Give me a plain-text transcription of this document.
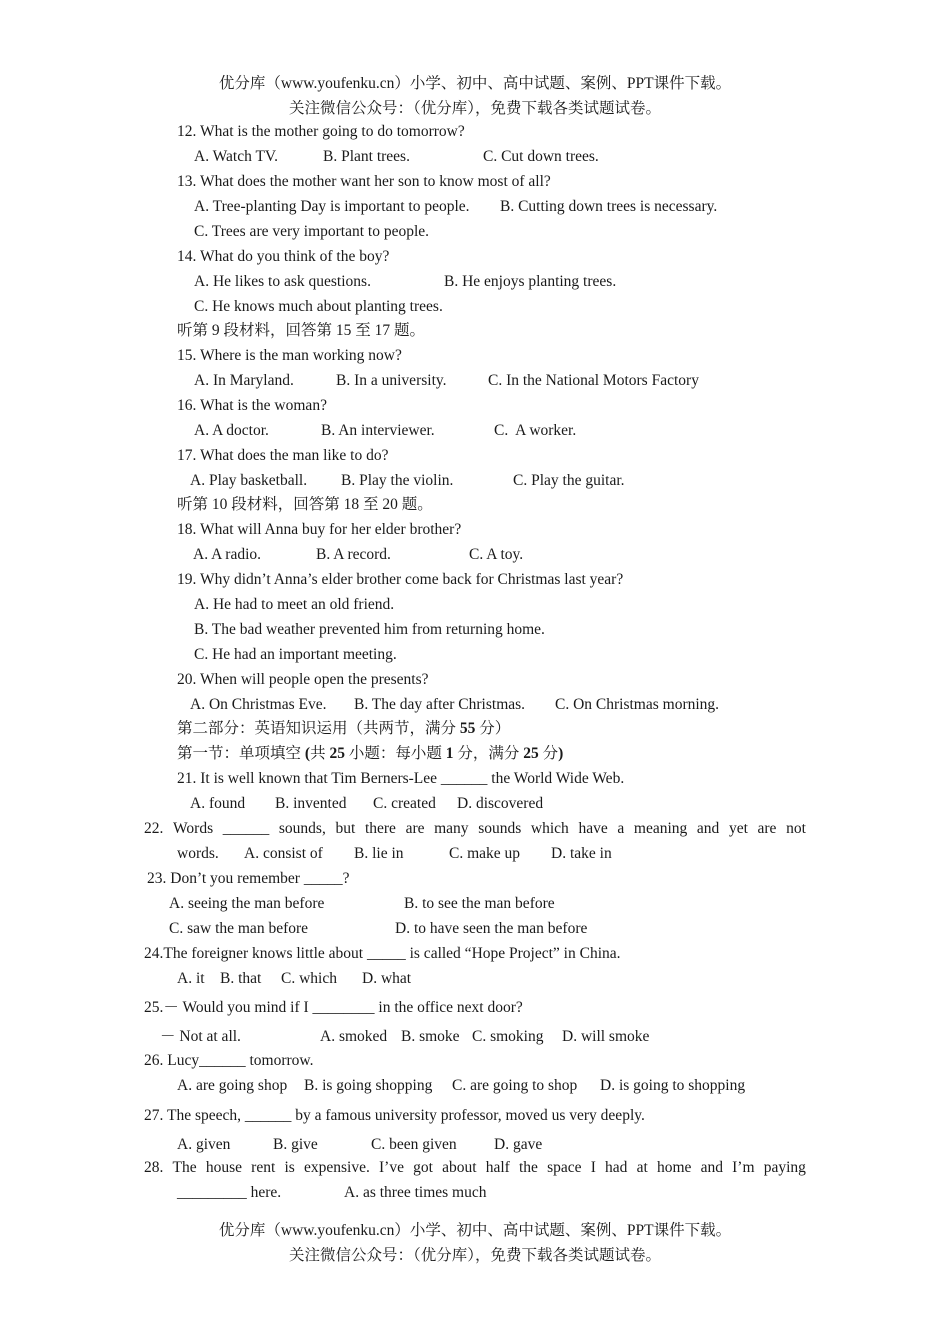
优分库（www.youfenku.cn）小学、初中、高中试题、案例、PPT课件下载。
关注微信公众号：（优分库），免费下载各类试题试卷。
12. What is the mother going to do tomorrow?
A. Watch TV.	B. Plant trees.	C. Cut down trees.
13. What does the mother want her son to know most of all?
A. Tree-planting Day is important to people. B. Cutting down trees is necessary.
C. Trees are very important to people.
14. What do you think of the boy?
A. He likes to ask questions.	B. He enjoys planting trees.
C. He knows much about planting trees.
听第 9 段材料，回答第 15 至 17 题。
15. Where is the man working now?
A. In Maryland.	B. In a university.	C. In the National Motors Factory
16. What is the woman?
A. A doctor.	B. An interviewer.	C.  A worker.
17. What does the man like to do?
A. Play basketball. B. Play the violin.	C. Play the guitar.
听第 10 段材料，回答第 18 至 20 题。
18. What will Anna buy for her elder brother?
A. A radio.	B. A record.	C. A toy.
19. Why didn’t Anna’s elder brother come back for Christmas last year?
A. He had to meet an old friend.
B. The bad weather prevented him from returning home.
C. He had an important meeting.
20. When will people open the presents?
A. On Christmas Eve. B. The day after Christmas. C. On Christmas morning.
第二部分：英语知识运用（共两节，满分 55 分）
第一节：单项填空 (共 25 小题：每小题 1 分，满分 25 分)
21. It is well known that Tim Berners-Lee ______ the World Wide Web.
A. found B. invented C. created D. discovered
22. Words ______ sounds, but there are many sounds which have a meaning and yet are not
words. A. consist of B. lie in	C. make up D. take in
23. Don’t you remember _____?
A. seeing the man before	B. to see the man before
C. saw the man before	D. to have seen the man before
24.The foreigner knows little about _____ is called “Hope Project” in China.
A. it B. that C. which D. what
25.－ Would you mind if I ________ in the office next door?
－ Not at all.	A. smoked B. smoke C. smoking D. will smoke
26. Lucy______ tomorrow.
A. are going shop B. is going shopping C. are going to shop D. is going to shopping
27. The speech, ______ by a famous university professor, moved us very deeply.
A. given	B. give	C. been given D. gave
28. The house rent is expensive. I’ve got about half the space I had at home and I’m paying
_________ here.	A. as three times much
优分库（www.youfenku.cn）小学、初中、高中试题、案例、PPT课件下载。
关注微信公众号：（优分库），免费下载各类试题试卷。
